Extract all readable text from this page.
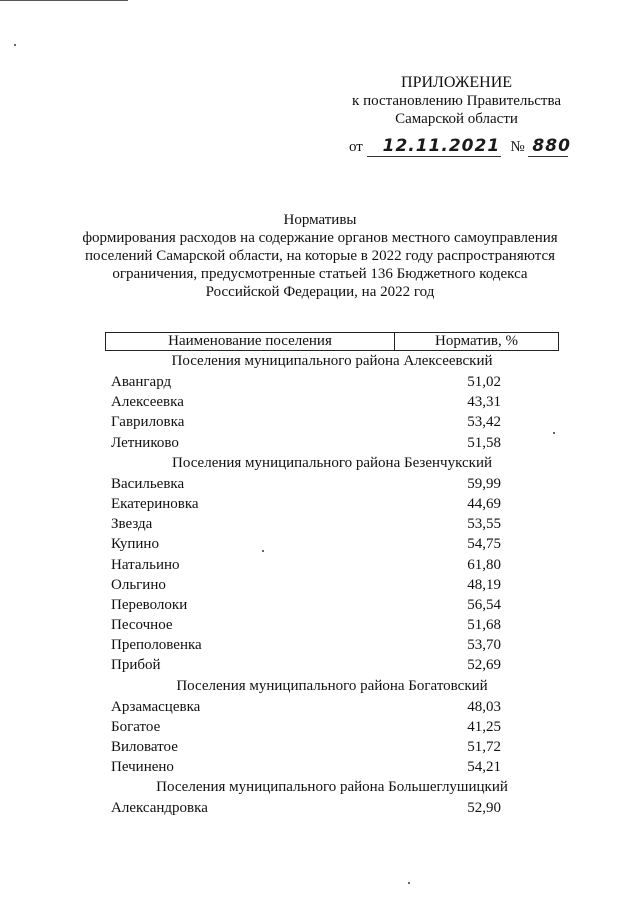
ПРИЛОЖЕНИЕ
к постановлению Правительства
Самарской области
от 12.11.2021 № 880
Нормативы
формирования расходов на содержание органов местного самоуправления
поселений Самарской области, на которые в 2022 году распространяются
ограничения, предусмотренные статьей 136 Бюджетного кодекса
Российской Федерации, на 2022 год
Наименование поселения	Норматив, %
Поселения муниципального района Алексеевский
Авангард	51,02
Алексеевка	43,31
Гавриловка	53,42
Летниково	51,58
Поселения муниципального района Безенчукский
Васильевка	59,99
Екатериновка	44,69
Звезда	53,55
Купино	54,75
Натальино	61,80
Ольгино	48,19
Переволоки	56,54
Песочное	51,68
Преполовенка	53,70
Прибой	52,69
Поселения муниципального района Богатовский
Арзамасцевка	48,03
Богатое	41,25
Виловатое	51,72
Печинено	54,21
Поселения муниципального района Большеглушицкий
Александровка	52,90
